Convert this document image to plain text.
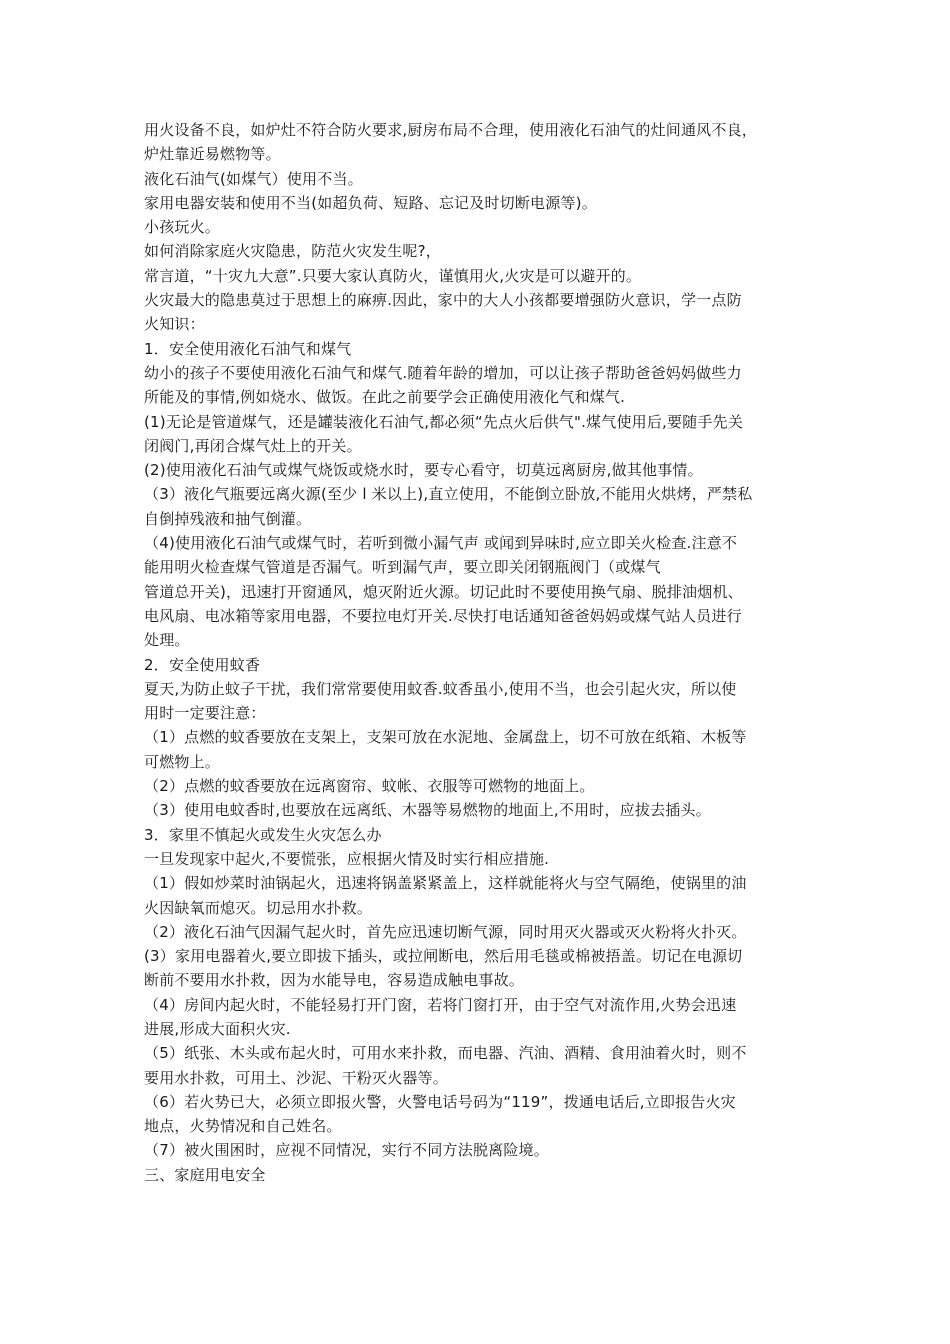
用火设备不良，如炉灶不符合防火要求,厨房布局不合理，使用液化石油气的灶间通风不良，
炉灶靠近易燃物等。
液化石油气(如煤气）使用不当。
家用电器安装和使用不当(如超负荷、短路、忘记及时切断电源等)。
小孩玩火。
如何消除家庭火灾隐患，防范火灾发生呢?，
常言道，“十灾九大意”.只要大家认真防火，谨慎用火,火灾是可以避开的。
火灾最大的隐患莫过于思想上的麻痹.因此，家中的大人小孩都要增强防火意识，学一点防
火知识：
1．安全使用液化石油气和煤气
幼小的孩子不要使用液化石油气和煤气.随着年龄的增加，可以让孩子帮助爸爸妈妈做些力
所能及的事情,例如烧水、做饭。在此之前要学会正确使用液化气和煤气.
(1)无论是管道煤气，还是罐装液化石油气,都必须“先点火后供气".煤气使用后,要随手先关
闭阀门,再闭合煤气灶上的开关。
(2)使用液化石油气或煤气烧饭或烧水时，要专心看守，切莫远离厨房,做其他事情。
（3）液化气瓶要远离火源(至少 l 米以上),直立使用，不能倒立卧放,不能用火烘烤，严禁私
自倒掉残液和抽气倒灌。
（4)使用液化石油气或煤气时，若听到微小漏气声 或闻到异味时,应立即关火检查.注意不
能用明火检查煤气管道是否漏气。听到漏气声，要立即关闭钢瓶阀门（或煤气
管道总开关)，迅速打开窗通风，熄灭附近火源。切记此时不要使用换气扇、脱排油烟机、
电风扇、电冰箱等家用电器，不要拉电灯开关.尽快打电话通知爸爸妈妈或煤气站人员进行
处理。
2．安全使用蚊香
夏天,为防止蚊子干扰，我们常常要使用蚊香.蚊香虽小,使用不当，也会引起火灾，所以使
用时一定要注意：
（1）点燃的蚊香要放在支架上，支架可放在水泥地、金属盘上，切不可放在纸箱、木板等
可燃物上。
（2）点燃的蚊香要放在远离窗帘、蚊帐、衣服等可燃物的地面上。
（3）使用电蚊香时,也要放在远离纸、木器等易燃物的地面上,不用时，应拔去插头。
3．家里不慎起火或发生火灾怎么办
一旦发现家中起火,不要慌张，应根据火情及时实行相应措施.
（1）假如炒菜时油锅起火，迅速将锅盖紧紧盖上，这样就能将火与空气隔绝，使锅里的油
火因缺氧而熄灭。切忌用水扑救。
（2）液化石油气因漏气起火时，首先应迅速切断气源，同时用灭火器或灭火粉将火扑灭。
(3）家用电器着火,要立即拔下插头，或拉闸断电，然后用毛毯或棉被捂盖。切记在电源切
断前不要用水扑救，因为水能导电，容易造成触电事故。
（4）房间内起火时，不能轻易打开门窗，若将门窗打开，由于空气对流作用,火势会迅速
进展,形成大面积火灾.
（5）纸张、木头或布起火时，可用水来扑救，而电器、汽油、酒精、食用油着火时，则不
要用水扑救，可用土、沙泥、干粉灭火器等。
（6）若火势已大，必须立即报火警，火警电话号码为“119”，拨通电话后,立即报告火灾
地点，火势情况和自己姓名。
（7）被火围困时，应视不同情况，实行不同方法脱离险境。
三、家庭用电安全
